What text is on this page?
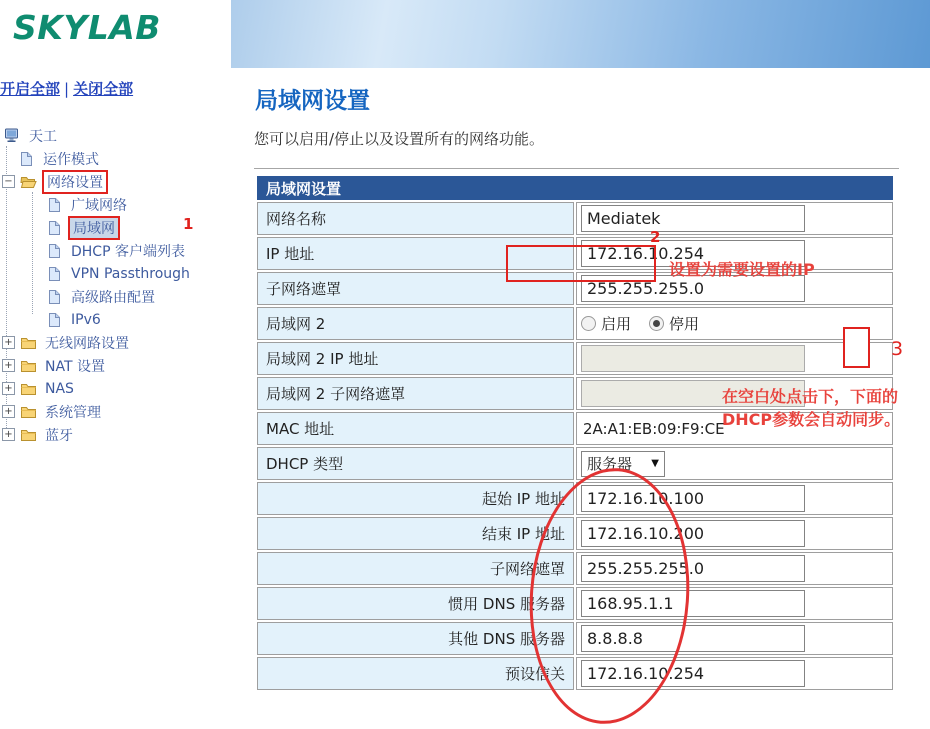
SKYLAB
开启全部 | 关闭全部
天工
运作模式
−	网络设置
广域网络
局域网
DHCP 客户端列表
VPN Passthrough
高级路由配置
IPv6
+ 无线网路设置
+ NAT 设置
+ NAS
+ 系统管理
+ 蓝牙
局域网设置

您可以启用/停止以及设置所有的网络功能。

局域网设置	
网络名称	Mediatek
IP 地址	172.16.10.254
子网络遮罩	255.255.255.0
局域网 2	启用 停用

局域网 2 IP 地址	
局域网 2 子网络遮罩	
MAC 地址	2A:A1:EB:09:F9:CE
DHCP 类型	服务器 ▼

起始 IP 地址	172.16.10.100
结束 IP 地址	172.16.10.200
子网络遮罩	255.255.255.0
惯用 DNS 服务器	168.95.1.1
其他 DNS 服务器	8.8.8.8
预设信关	172.16.10.254
1
2
设置为需要设置的IP
3
在空白处点击下，下面的
DHCP参数会自动同步。
